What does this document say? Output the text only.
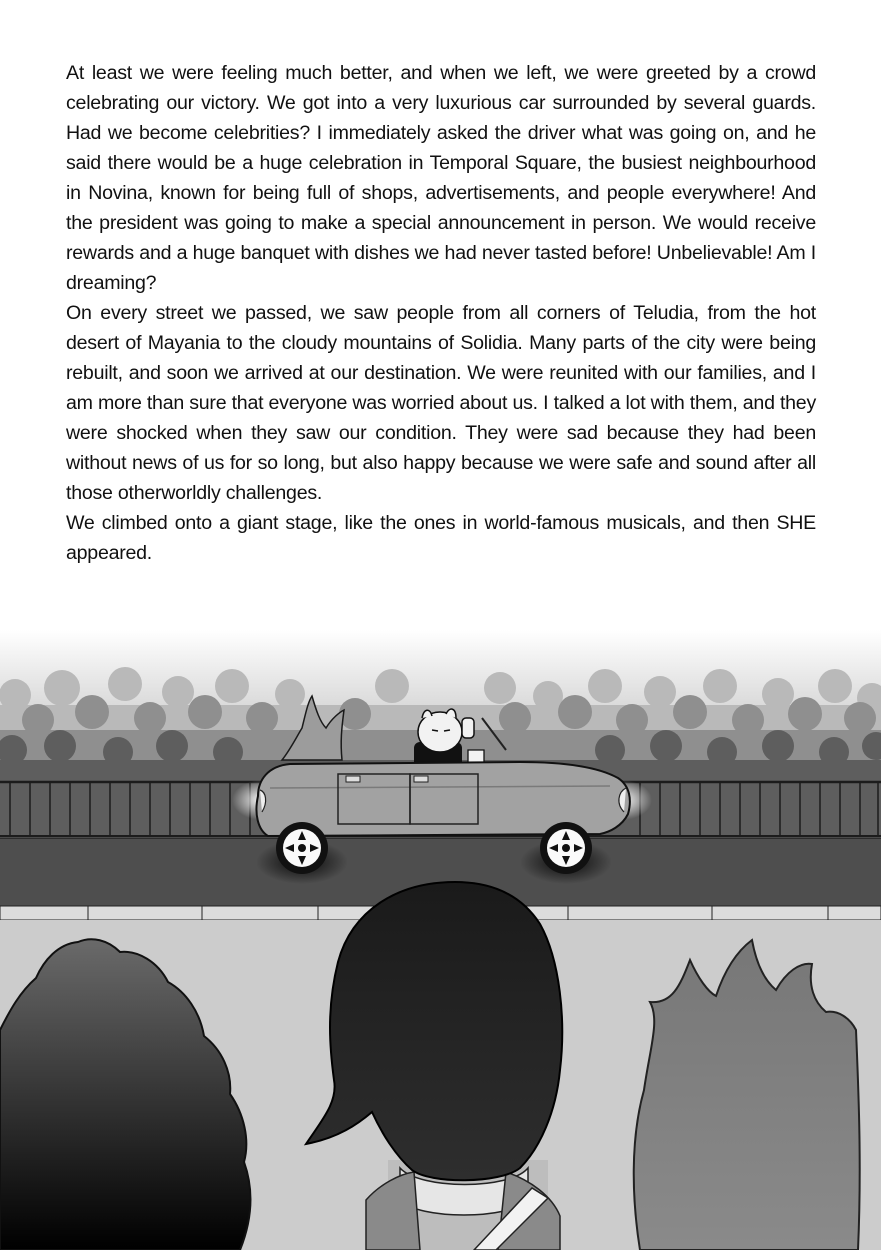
At least we were feeling much better, and when we left, we were greeted by a crowd celebrating our victory. We got into a very luxurious car surrounded by several guards. Had we become celebrities? I immediately asked the driver what was going on, and he said there would be a huge celebration in Temporal Square, the busiest neighbourhood in Novina, known for being full of shops, advertisements, and people everywhere! And the president was going to make a special announcement in person. We would receive rewards and a huge banquet with dishes we had never tasted before! Unbelievable! Am I dreaming?

On every street we passed, we saw people from all corners of Teludia, from the hot desert of Mayania to the cloudy mountains of Solidia. Many parts of the city were being rebuilt, and soon we arrived at our destination. We were reunited with our families, and I am more than sure that everyone was worried about us. I talked a lot with them, and they were shocked when they saw our condition. They were sad because they had been without news of us for so long, but also happy because we were safe and sound after all those otherworldly challenges.

We climbed onto a giant stage, like the ones in world-famous musicals, and then SHE appeared.
